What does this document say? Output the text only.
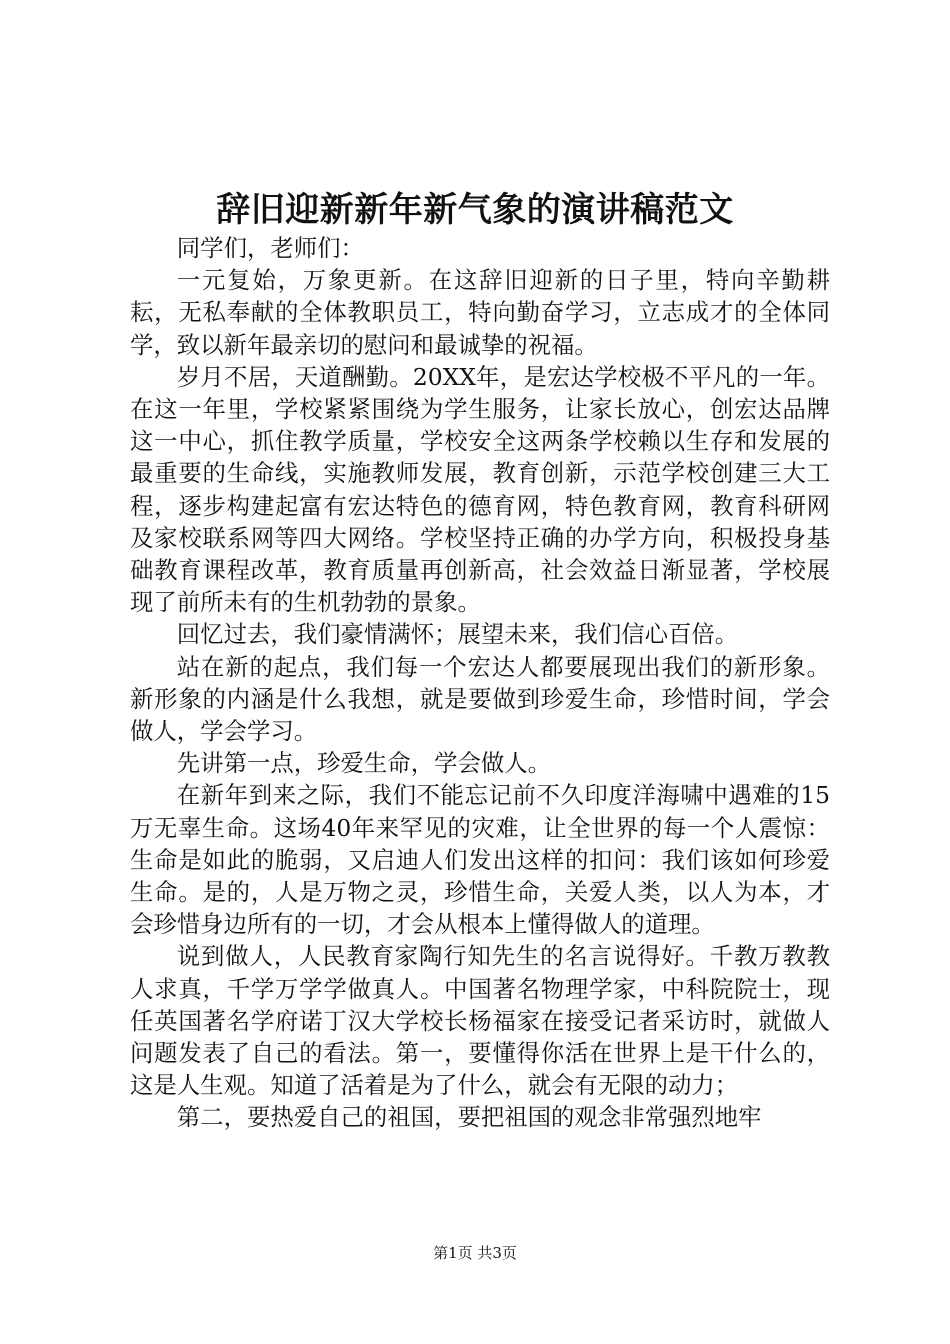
辞旧迎新新年新气象的演讲稿范文

同学们，老师们：

一元复始，万象更新。在这辞旧迎新的日子里，特向辛勤耕耘，无私奉献的全体教职员工，特向勤奋学习，立志成才的全体同学，致以新年最亲切的慰问和最诚挚的祝福。

岁月不居，天道酬勤。20XX年，是宏达学校极不平凡的一年。在这一年里，学校紧紧围绕为学生服务，让家长放心，创宏达品牌这一中心，抓住教学质量，学校安全这两条学校赖以生存和发展的最重要的生命线，实施教师发展，教育创新，示范学校创建三大工程，逐步构建起富有宏达特色的德育网，特色教育网，教育科研网及家校联系网等四大网络。学校坚持正确的办学方向，积极投身基础教育课程改革，教育质量再创新高，社会效益日渐显著，学校展现了前所未有的生机勃勃的景象。

回忆过去，我们豪情满怀；展望未来，我们信心百倍。

站在新的起点，我们每一个宏达人都要展现出我们的新形象。新形象的内涵是什么我想，就是要做到珍爱生命，珍惜时间，学会做人，学会学习。

先讲第一点，珍爱生命，学会做人。

在新年到来之际，我们不能忘记前不久印度洋海啸中遇难的15万无辜生命。这场40年来罕见的灾难，让全世界的每一个人震惊：生命是如此的脆弱，又启迪人们发出这样的扣问：我们该如何珍爱生命。是的，人是万物之灵，珍惜生命，关爱人类，以人为本，才会珍惜身边所有的一切，才会从根本上懂得做人的道理。

说到做人，人民教育家陶行知先生的名言说得好。千教万教教人求真，千学万学学做真人。中国著名物理学家，中科院院士，现任英国著名学府诺丁汉大学校长杨福家在接受记者采访时，就做人问题发表了自己的看法。第一，要懂得你活在世界上是干什么的，这是人生观。知道了活着是为了什么，就会有无限的动力；

第二，要热爱自己的祖国，要把祖国的观念非常强烈地牢

第1页 共3页
